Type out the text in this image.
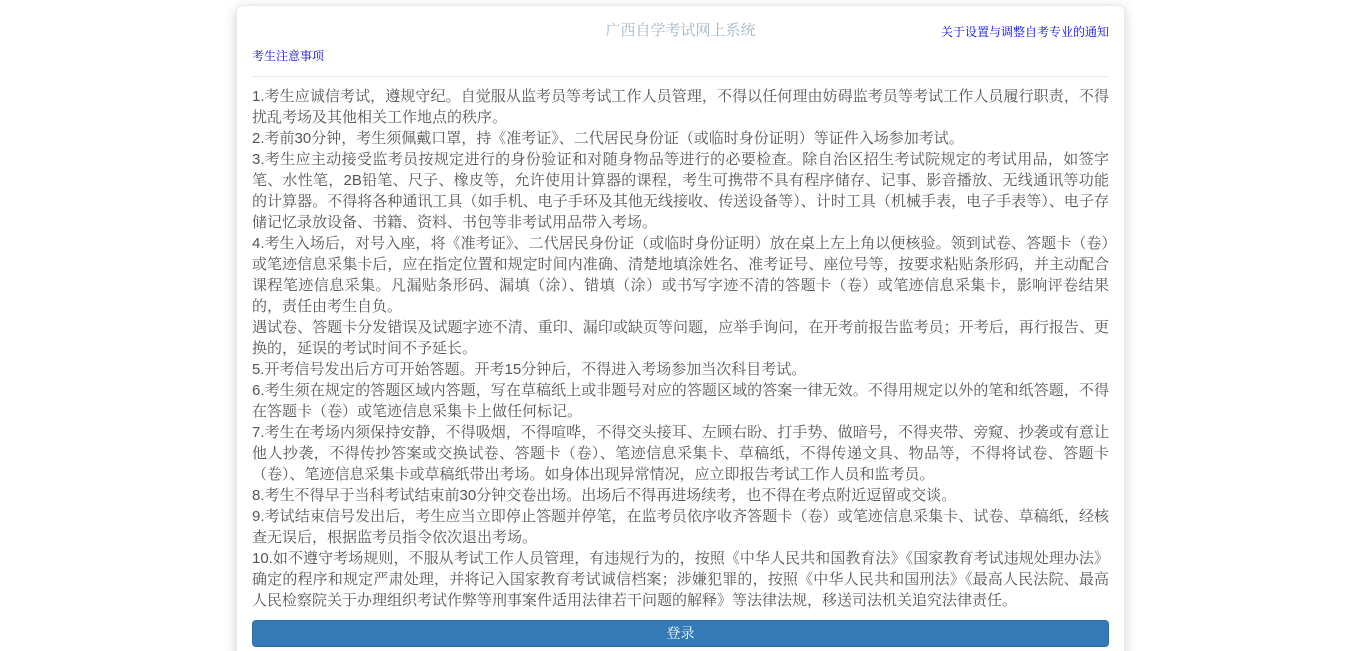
广西自学考试网上系统	关于设置与调整自考专业的通知
考生注意事项

1.考生应诚信考试，遵规守纪。自觉服从监考员等考试工作人员管理，不得以任何理由妨碍监考员等考试工作人员履行职责，不得扰乱考场及其他相关工作地点的秩序。

2.考前30分钟，考生须佩戴口罩，持《准考证》、二代居民身份证（或临时身份证明）等证件入场参加考试。

3.考生应主动接受监考员按规定进行的身份验证和对随身物品等进行的必要检查。除自治区招生考试院规定的考试用品，如签字笔、水性笔，2B铅笔、尺子、橡皮等，允许使用计算器的课程，考生可携带不具有程序储存、记事、影音播放、无线通讯等功能的计算器。不得将各种通讯工具（如手机、电子手环及其他无线接收、传送设备等）、计时工具（机械手表，电子手表等）、电子存储记忆录放设备、书籍、资料、书包等非考试用品带入考场。

4.考生入场后，对号入座，将《准考证》、二代居民身份证（或临时身份证明）放在桌上左上角以便核验。领到试卷、答题卡（卷）或笔迹信息采集卡后，应在指定位置和规定时间内准确、清楚地填涂姓名、准考证号、座位号等，按要求粘贴条形码，并主动配合课程笔迹信息采集。凡漏贴条形码、漏填（涂）、错填（涂）或书写字迹不清的答题卡（卷）或笔迹信息采集卡，影响评卷结果的，责任由考生自负。

遇试卷、答题卡分发错误及试题字迹不清、重印、漏印或缺页等问题，应举手询问，在开考前报告监考员；开考后，再行报告、更换的，延误的考试时间不予延长。

5.开考信号发出后方可开始答题。开考15分钟后，不得进入考场参加当次科目考试。

6.考生须在规定的答题区域内答题，写在草稿纸上或非题号对应的答题区域的答案一律无效。不得用规定以外的笔和纸答题，不得在答题卡（卷）或笔迹信息采集卡上做任何标记。

7.考生在考场内须保持安静，不得吸烟，不得喧哗，不得交头接耳、左顾右盼、打手势、做暗号，不得夹带、旁窥、抄袭或有意让他人抄袭，不得传抄答案或交换试卷、答题卡（卷）、笔迹信息采集卡、草稿纸，不得传递文具、物品等，不得将试卷、答题卡（卷）、笔迹信息采集卡或草稿纸带出考场。如身体出现异常情况，应立即报告考试工作人员和监考员。

8.考生不得早于当科考试结束前30分钟交卷出场。出场后不得再进场续考，也不得在考点附近逗留或交谈。

9.考试结束信号发出后，考生应当立即停止答题并停笔，在监考员依序收齐答题卡（卷）或笔迹信息采集卡、试卷、草稿纸，经核查无误后，根据监考员指令依次退出考场。

10.如不遵守考场规则，不服从考试工作人员管理，有违规行为的，按照《中华人民共和国教育法》《国家教育考试违规处理办法》确定的程序和规定严肃处理，并将记入国家教育考试诚信档案；涉嫌犯罪的，按照《中华人民共和国刑法》《最高人民法院、最高人民检察院关于办理组织考试作弊等刑事案件适用法律若干问题的解释》等法律法规，移送司法机关追究法律责任。

登录
